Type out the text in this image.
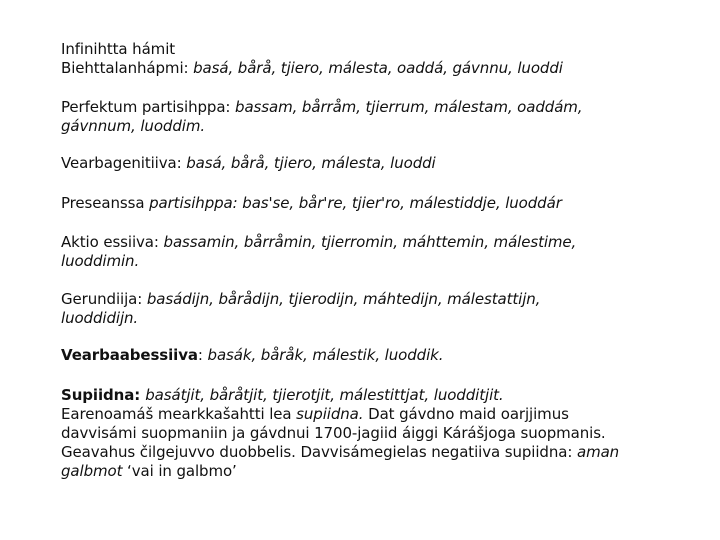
Infinihtta hámit
Biehttalanhápmi: basá, bårå, tjiero, málesta, oaddá, gávnnu, luoddi
Perfektum partisihppa: bassam, bårråm, tjierrum, málestam, oaddám,
gávnnum, luoddim.
Vearbagenitiiva: basá, bårå, tjiero, málesta, luoddi
Preseanssa partisihppa: bas'se, bår're, tjier'ro, málestiddje, luoddár
Aktio essiiva: bassamin, bårråmin, tjierromin, máhttemin, málestime,
luoddimin.
Gerundiija: basádijn, bårådijn, tjierodijn, máhtedijn, málestattijn,
luoddidijn.
Vearbaabessiiva: basák, båråk, málestik, luoddik.
Supiidna: basátjit, båråtjit, tjierotjit, málestittjat, luodditjit.
Earenoamáš mearkkašahtti lea supiidna. Dat gávdno maid oarjjimus
davvisámi suopmaniin ja gávdnui 1700-jagiid áiggi Kárášjoga suopmanis.
Geavahus čilgejuvvo duobbelis. Davvisámegielas negatiiva supiidna: aman
galbmot ‘vai in galbmo’
